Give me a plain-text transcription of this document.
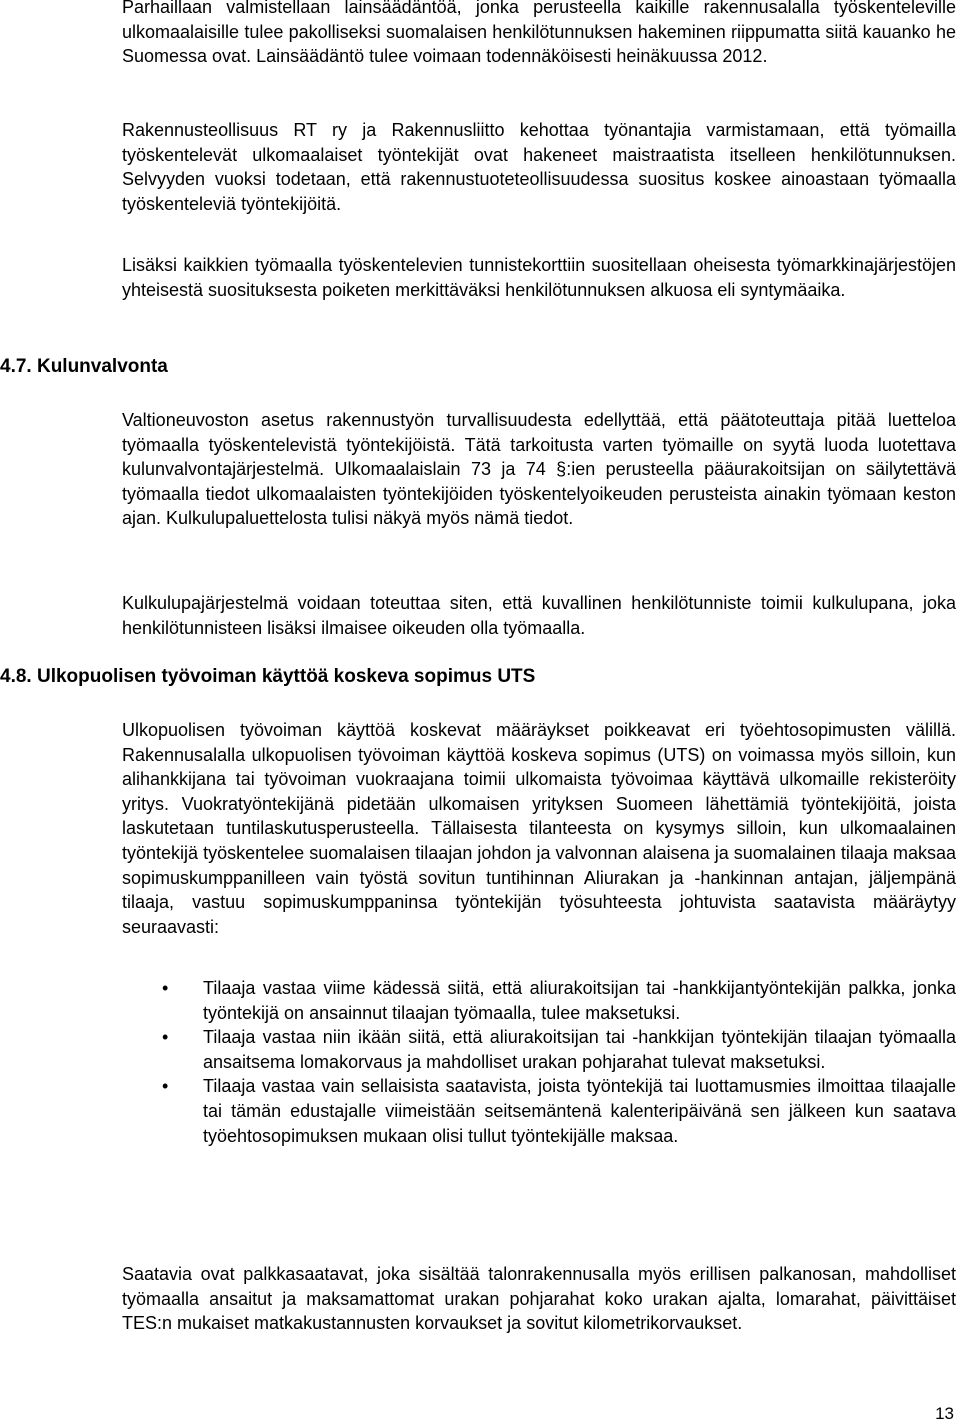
Parhaillaan valmistellaan lainsäädäntöä, jonka perusteella kaikille rakennusalalla työskenteleville ulkomaalaisille tulee pakolliseksi suomalaisen henkilötunnuksen hakeminen riippumatta siitä kauanko he Suomessa ovat. Lainsäädäntö tulee voimaan todennäköisesti heinäkuussa 2012.

Rakennusteollisuus RT ry ja Rakennusliitto kehottaa työnantajia varmistamaan, että työmailla työskentelevät ulkomaalaiset työntekijät ovat hakeneet maistraatista itselleen henkilötunnuksen. Selvyyden vuoksi todetaan, että rakennustuoteteollisuudessa suositus koskee ainoastaan työmaalla työskenteleviä työntekijöitä.

Lisäksi kaikkien työmaalla työskentelevien tunnistekorttiin suositellaan oheisesta työmarkkinajärjestöjen yhteisestä suosituksesta poiketen merkittäväksi henkilötunnuksen alkuosa eli syntymäaika.

4.7. Kulunvalvonta

Valtioneuvoston asetus rakennustyön turvallisuudesta edellyttää, että päätoteuttaja pitää luetteloa työmaalla työskentelevistä työntekijöistä. Tätä tarkoitusta varten työmaille on syytä luoda luotettava kulunvalvontajärjestelmä. Ulkomaalaislain 73 ja 74 §:ien perusteella pääurakoitsijan on säilytettävä työmaalla tiedot ulkomaalaisten työntekijöiden työskentelyoikeuden perusteista ainakin työmaan keston ajan. Kulkulupaluettelosta tulisi näkyä myös nämä tiedot.

Kulkulupajärjestelmä voidaan toteuttaa siten, että kuvallinen henkilötunniste toimii kulkulupana, joka henkilötunnisteen lisäksi ilmaisee oikeuden olla työmaalla.

4.8. Ulkopuolisen työvoiman käyttöä koskeva sopimus UTS

Ulkopuolisen työvoiman käyttöä koskevat määräykset poikkeavat eri työehtosopimusten välillä. Rakennusalalla ulkopuolisen työvoiman käyttöä koskeva sopimus (UTS) on voimassa myös silloin, kun alihankkijana tai työvoiman vuokraajana toimii ulkomaista työvoimaa käyttävä ulkomaille rekisteröity yritys. Vuokratyöntekijänä pidetään ulkomaisen yrityksen Suomeen lähettämiä työntekijöitä, joista laskutetaan tuntilaskutusperusteella. Tällaisesta tilanteesta on kysymys silloin, kun ulkomaalainen työntekijä työskentelee suomalaisen tilaajan johdon ja valvonnan alaisena ja suomalainen tilaaja maksaa sopimuskumppanilleen vain työstä sovitun tuntihinnan Aliurakan ja -hankinnan antajan, jäljempänä tilaaja, vastuu sopimuskumppaninsa työntekijän työsuhteesta johtuvista saatavista määräytyy seuraavasti:

• Tilaaja vastaa viime kädessä siitä, että aliurakoitsijan tai -hankkijantyöntekijän palkka, jonka työntekijä on ansainnut tilaajan työmaalla, tulee maksetuksi.
• Tilaaja vastaa niin ikään siitä, että aliurakoitsijan tai -hankkijan työntekijän tilaajan työmaalla ansaitsema lomakorvaus ja mahdolliset urakan pohjarahat tulevat maksetuksi.
• Tilaaja vastaa vain sellaisista saatavista, joista työntekijä tai luottamusmies ilmoittaa tilaajalle tai tämän edustajalle viimeistään seitsemäntenä kalenteripäivänä sen jälkeen kun saatava työehtosopimuksen mukaan olisi tullut työntekijälle maksaa.

Saatavia ovat palkkasaatavat, joka sisältää talonrakennusalla myös erillisen palkanosan, mahdolliset työmaalla ansaitut ja maksamattomat urakan pohjarahat koko urakan ajalta, lomarahat, päivittäiset TES:n mukaiset matkakustannusten korvaukset ja sovitut kilometrikorvaukset.

13
